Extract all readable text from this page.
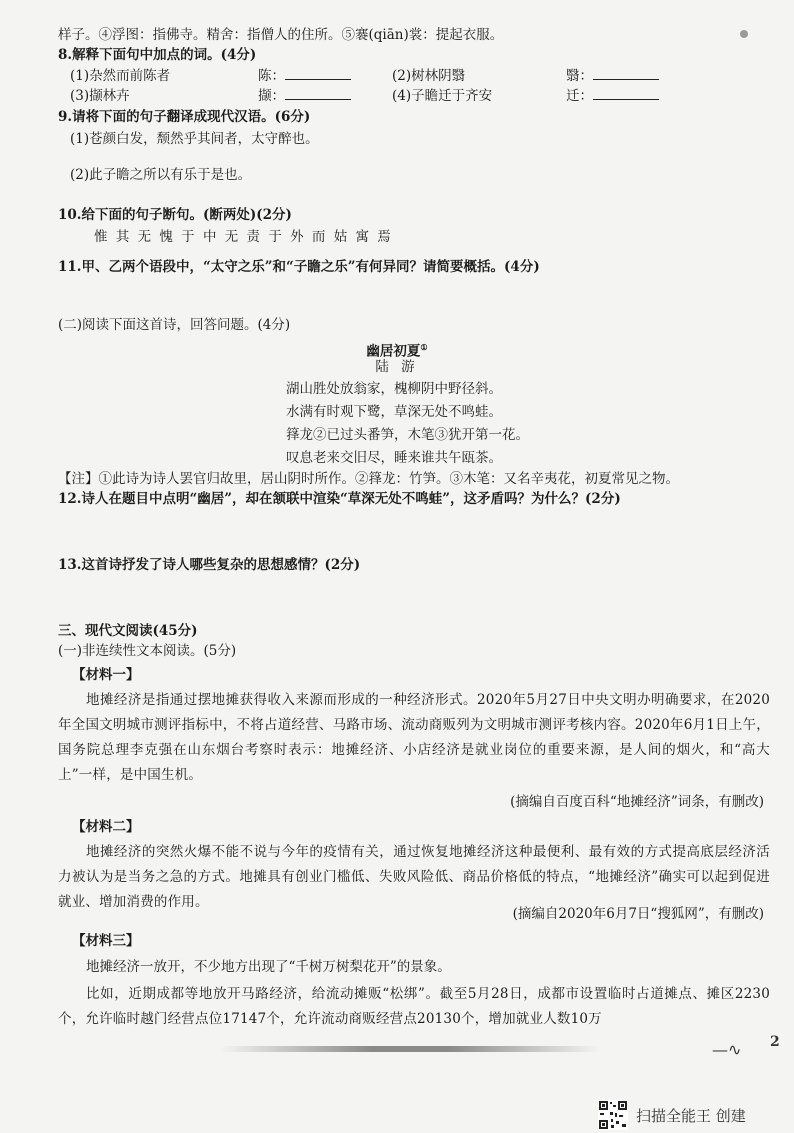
样子。④浮图：指佛寺。精舍：指僧人的住所。⑤褰(qiān)裳：提起衣服。
8.解释下面句中加点的词。(4分)
(1)杂然而前陈者	陈：	(2)树林阴翳	翳：
(3)撷林卉	撷：	(4)子瞻迁于齐安	迁：
9.请将下面的句子翻译成现代汉语。(6分)
(1)苍颜白发，颓然乎其间者，太守醉也。
(2)此子瞻之所以有乐于是也。
10.给下面的句子断句。(断两处)(2分)
惟 其 无 愧 于 中 无 责 于 外 而 姑 寓 焉
11.甲、乙两个语段中，“太守之乐”和“子瞻之乐”有何异同？请简要概括。(4分)
(二)阅读下面这首诗，回答问题。(4分)
幽居初夏①
陆 游
湖山胜处放翁家，槐柳阴中野径斜。
水满有时观下鹭，草深无处不鸣蛙。
箨龙②已过头番笋，木笔③犹开第一花。
叹息老来交旧尽，睡来谁共午瓯茶。
【注】①此诗为诗人罢官归故里，居山阴时所作。②箨龙：竹笋。③木笔：又名辛夷花，初夏常见之物。
12.诗人在题目中点明“幽居”，却在颔联中渲染“草深无处不鸣蛙”，这矛盾吗？为什么？(2分)
13.这首诗抒发了诗人哪些复杂的思想感情？(2分)
三、现代文阅读(45分)
(一)非连续性文本阅读。(5分)
【材料一】
地摊经济是指通过摆地摊获得收入来源而形成的一种经济形式。2020年5月27日中央文明办明确要求，在2020年全国文明城市测评指标中，不将占道经营、马路市场、流动商贩列为文明城市测评考核内容。2020年6月1日上午，国务院总理李克强在山东烟台考察时表示：地摊经济、小店经济是就业岗位的重要来源，是人间的烟火，和“高大上”一样，是中国生机。
(摘编自百度百科“地摊经济”词条，有删改)
【材料二】
地摊经济的突然火爆不能不说与今年的疫情有关，通过恢复地摊经济这种最便利、最有效的方式提高底层经济活力被认为是当务之急的方式。地摊具有创业门槛低、失败风险低、商品价格低的特点，“地摊经济”确实可以起到促进就业、增加消费的作用。
(摘编自2020年6月7日“搜狐网”，有删改)
【材料三】
地摊经济一放开，不少地方出现了“千树万树梨花开”的景象。
比如，近期成都等地放开马路经济，给流动摊贩“松绑”。截至5月28日，成都市设置临时占道摊点、摊区2230个，允许临时越门经营点位17147个，允许流动商贩经营点20130个，增加就业人数10万
—∿ 2
扫描全能王 创建
